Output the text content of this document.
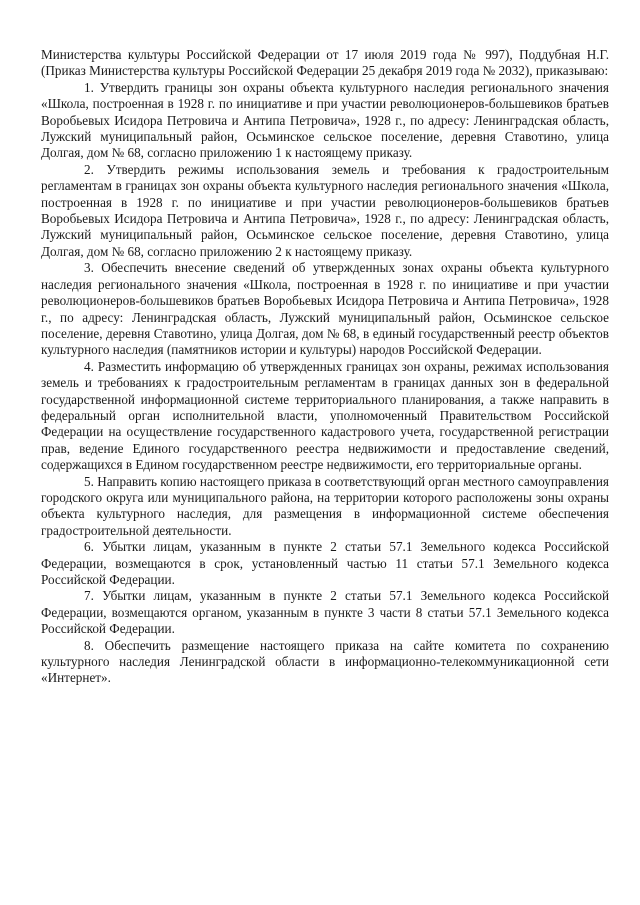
Министерства культуры Российской Федерации от 17 июля 2019 года № 997), Поддубная Н.Г. (Приказ Министерства культуры Российской Федерации 25 декабря 2019 года № 2032), приказываю:

1. Утвердить границы зон охраны объекта культурного наследия регионального значения «Школа, построенная в 1928 г. по инициативе и при участии революционеров-большевиков братьев Воробьевых Исидора Петровича и Антипа Петровича», 1928 г., по адресу: Ленинградская область, Лужский муниципальный район, Осьминское сельское поселение, деревня Ставотино, улица Долгая, дом № 68, согласно приложению 1 к настоящему приказу.

2. Утвердить режимы использования земель и требования к градостроительным регламентам в границах зон охраны объекта культурного наследия регионального значения «Школа, построенная в 1928 г. по инициативе и при участии революционеров-большевиков братьев Воробьевых Исидора Петровича и Антипа Петровича», 1928 г., по адресу: Ленинградская область, Лужский муниципальный район, Осьминское сельское поселение, деревня Ставотино, улица Долгая, дом № 68, согласно приложению 2 к настоящему приказу.

3. Обеспечить внесение сведений об утвержденных зонах охраны объекта культурного наследия регионального значения «Школа, построенная в 1928 г. по инициативе и при участии революционеров-большевиков братьев Воробьевых Исидора Петровича и Антипа Петровича», 1928 г., по адресу: Ленинградская область, Лужский муниципальный район, Осьминское сельское поселение, деревня Ставотино, улица Долгая, дом № 68, в единый государственный реестр объектов культурного наследия (памятников истории и культуры) народов Российской Федерации.

4. Разместить информацию об утвержденных границах зон охраны, режимах использования земель и требованиях к градостроительным регламентам в границах данных зон в федеральной государственной информационной системе территориального планирования, а также направить в федеральный орган исполнительной власти, уполномоченный Правительством Российской Федерации на осуществление государственного кадастрового учета, государственной регистрации прав, ведение Единого государственного реестра недвижимости и предоставление сведений, содержащихся в Едином государственном реестре недвижимости, его территориальные органы.

5. Направить копию настоящего приказа в соответствующий орган местного самоуправления городского округа или муниципального района, на территории которого расположены зоны охраны объекта культурного наследия, для размещения в информационной системе обеспечения градостроительной деятельности.

6. Убытки лицам, указанным в пункте 2 статьи 57.1 Земельного кодекса Российской Федерации, возмещаются в срок, установленный частью 11 статьи 57.1 Земельного кодекса Российской Федерации.

7. Убытки лицам, указанным в пункте 2 статьи 57.1 Земельного кодекса Российской Федерации, возмещаются органом, указанным в пункте 3 части 8 статьи 57.1 Земельного кодекса Российской Федерации.

8. Обеспечить размещение настоящего приказа на сайте комитета по сохранению культурного наследия Ленинградской области в информационно-телекоммуникационной сети «Интернет».
